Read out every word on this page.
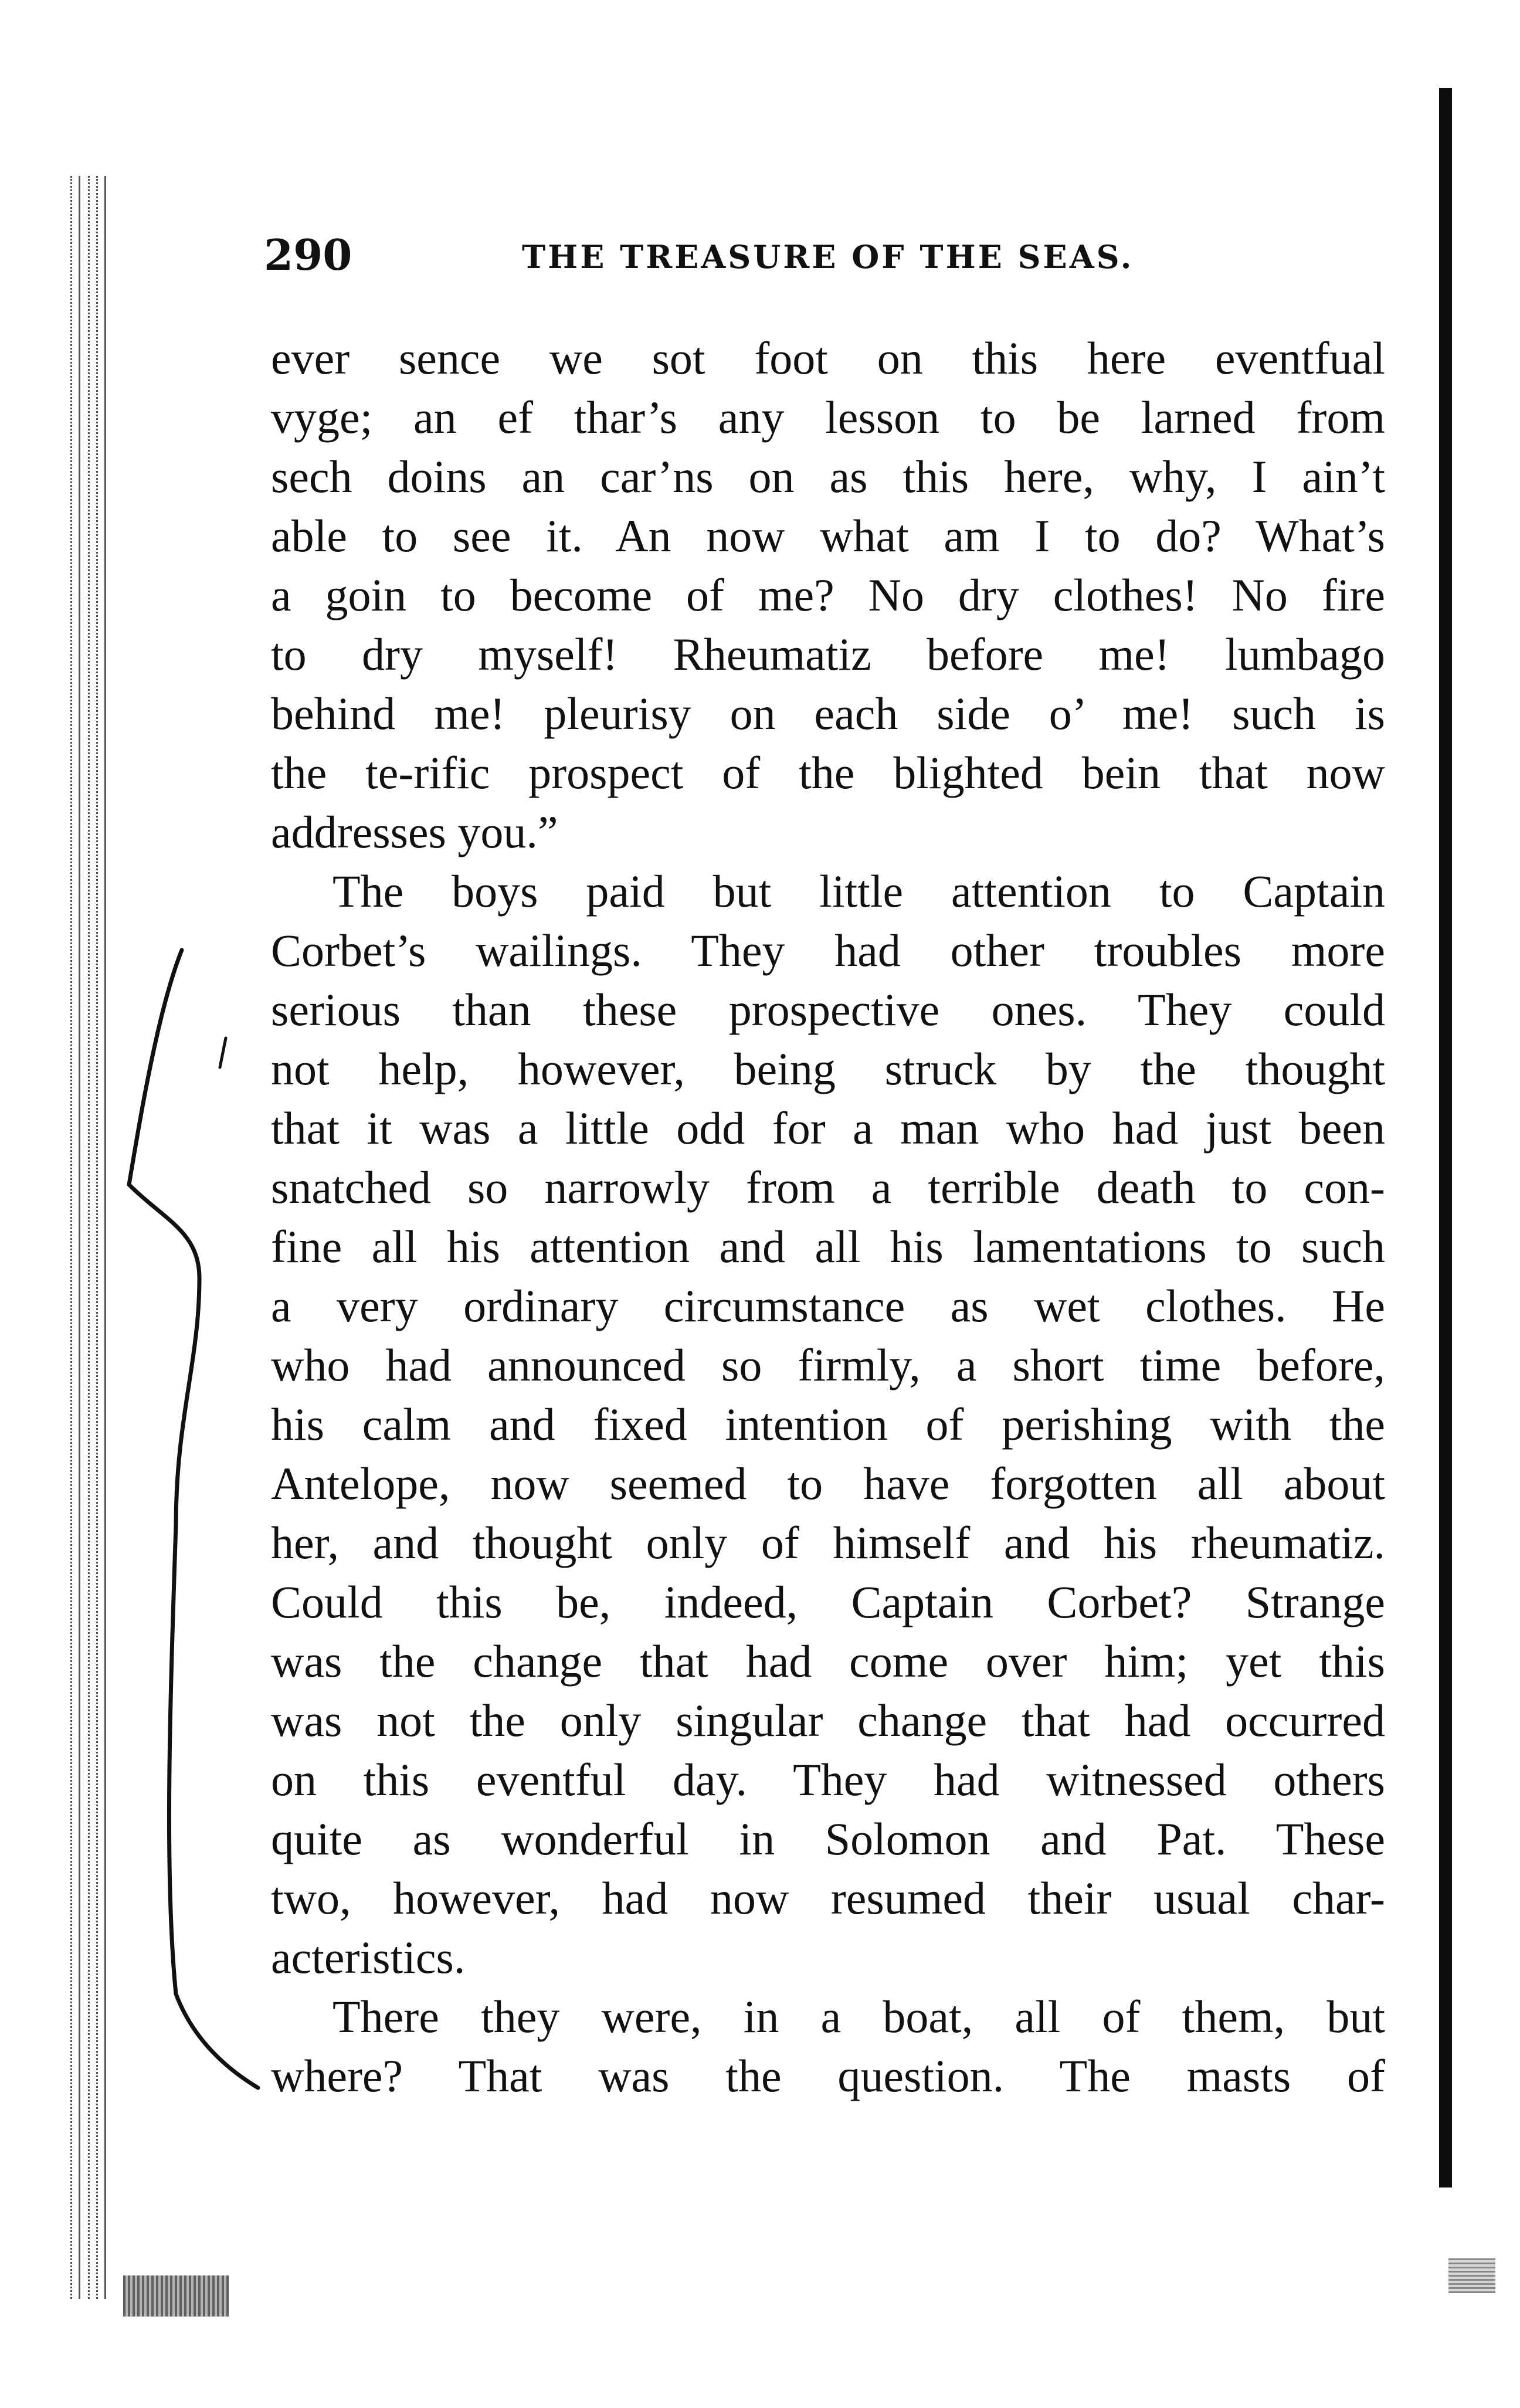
290	THE TREASURE OF THE SEAS.
ever sence we sot foot on this here eventfual
vyge; an ef thar’s any lesson to be larned from
sech doins an car’ns on as this here, why, I ain’t
able to see it. An now what am I to do? What’s
a goin to become of me? No dry clothes! No fire
to dry myself! Rheumatiz before me! lumbago
behind me! pleurisy on each side o’ me! such is
the te-rific prospect of the blighted bein that now
addresses you.”
The boys paid but little attention to Captain
Corbet’s wailings. They had other troubles more
serious than these prospective ones. They could
not help, however, being struck by the thought
that it was a little odd for a man who had just been
snatched so narrowly from a terrible death to con-
fine all his attention and all his lamentations to such
a very ordinary circumstance as wet clothes. He
who had announced so firmly, a short time before,
his calm and fixed intention of perishing with the
Antelope, now seemed to have forgotten all about
her, and thought only of himself and his rheumatiz.
Could this be, indeed, Captain Corbet? Strange
was the change that had come over him; yet this
was not the only singular change that had occurred
on this eventful day. They had witnessed others
quite as wonderful in Solomon and Pat. These
two, however, had now resumed their usual char-
acteristics.
There they were, in a boat, all of them, but
where? That was the question. The masts of
